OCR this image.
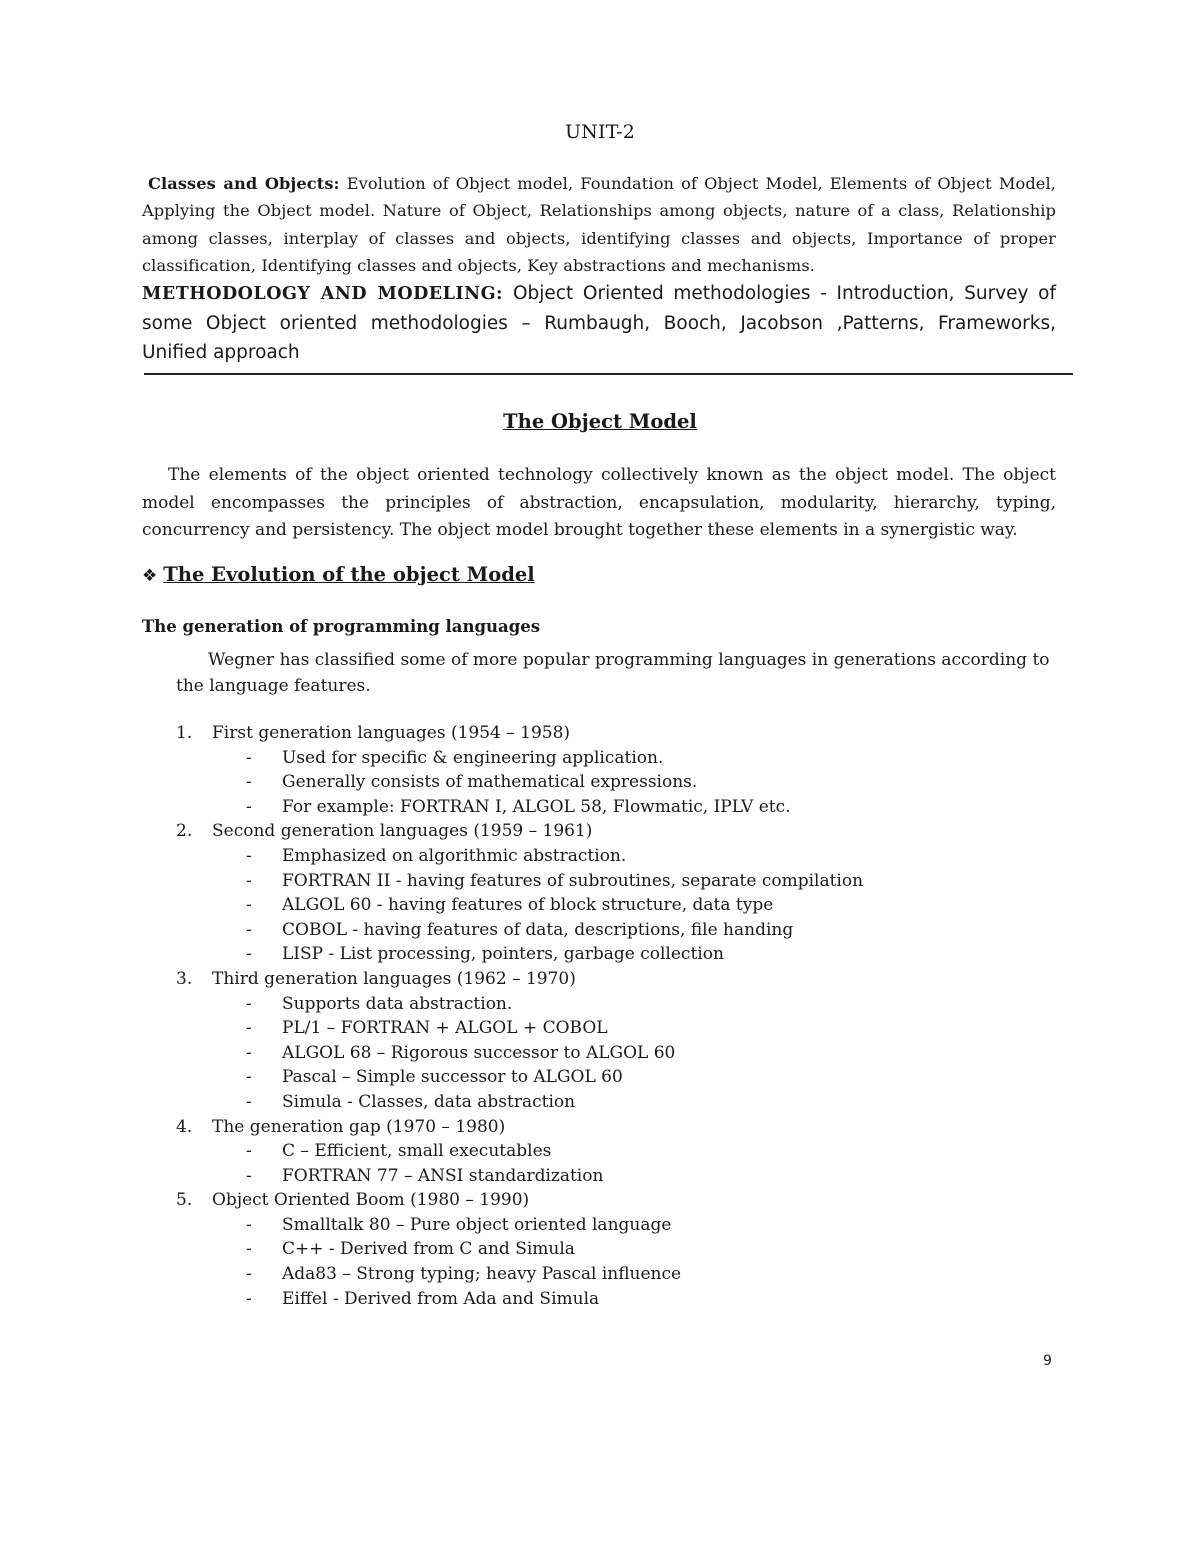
UNIT-2
Classes and Objects: Evolution of Object model, Foundation of Object Model, Elements of Object Model, Applying the Object model. Nature of Object, Relationships among objects, nature of a class, Relationship among classes, interplay of classes and objects, identifying classes and objects, Importance of proper classification, Identifying classes and objects, Key abstractions and mechanisms.
METHODOLOGY AND MODELING: Object Oriented methodologies - Introduction, Survey of some Object oriented methodologies – Rumbaugh, Booch, Jacobson ,Patterns, Frameworks, Unified approach
The Object Model
The elements of the object oriented technology collectively known as the object model. The object model encompasses the principles of abstraction, encapsulation, modularity, hierarchy, typing, concurrency and persistency. The object model brought together these elements in a synergistic way.
❖ The Evolution of the object Model
The generation of programming languages
Wegner has classified some of more popular programming languages in generations according to the language features.
1.	First generation languages (1954 – 1958)
-	Used for specific & engineering application.
-	Generally consists of mathematical expressions.
-	For example: FORTRAN I, ALGOL 58, Flowmatic, IPLV etc.
2.	Second generation languages (1959 – 1961)
-	Emphasized on algorithmic abstraction.
-	FORTRAN II - having features of subroutines, separate compilation
-	ALGOL 60 - having features of block structure, data type
-	COBOL - having features of data, descriptions, file handing
-	LISP - List processing, pointers, garbage collection
3.	Third generation languages (1962 – 1970)
-	Supports data abstraction.
-	PL/1 – FORTRAN + ALGOL + COBOL
-	ALGOL 68 – Rigorous successor to ALGOL 60
-	Pascal – Simple successor to ALGOL 60
-	Simula - Classes, data abstraction
4.	The generation gap (1970 – 1980)
-	C – Efficient, small executables
-	FORTRAN 77 – ANSI standardization
5.	Object Oriented Boom (1980 – 1990)
-	Smalltalk 80 – Pure object oriented language
-	C++ - Derived from C and Simula
-	Ada83 – Strong typing; heavy Pascal influence
-	Eiffel - Derived from Ada and Simula
9
